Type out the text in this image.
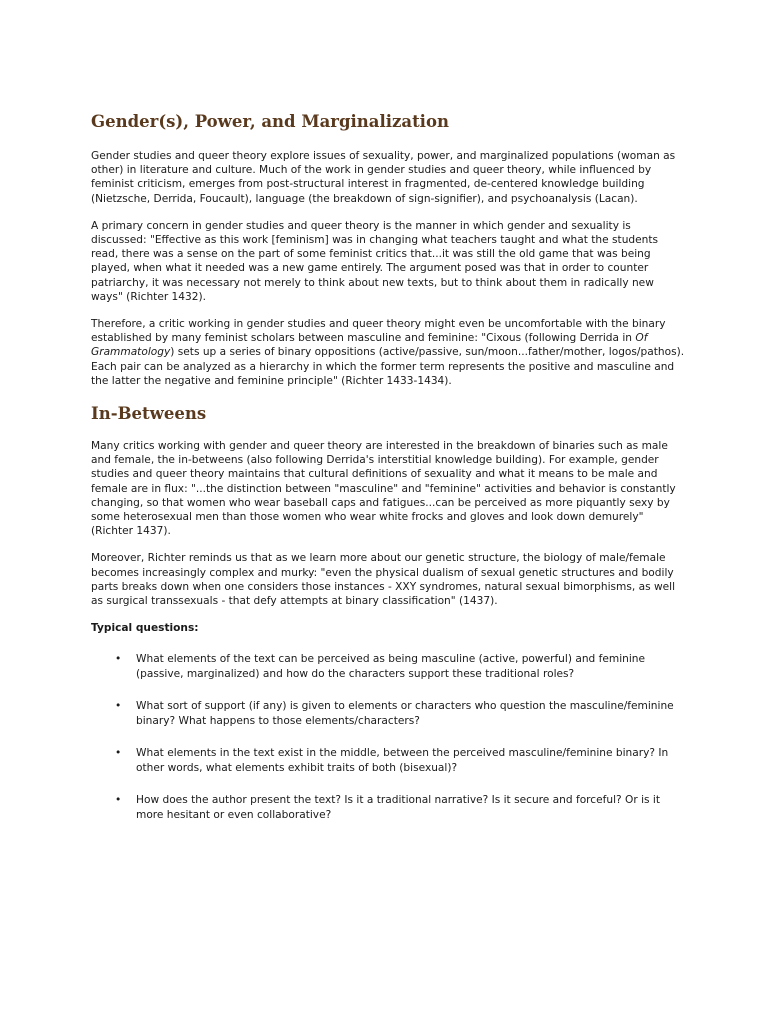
Gender(s), Power, and Marginalization

Gender studies and queer theory explore issues of sexuality, power, and marginalized populations (woman as other) in literature and culture. Much of the work in gender studies and queer theory, while influenced by feminist criticism, emerges from post-structural interest in fragmented, de-centered knowledge building (Nietzsche, Derrida, Foucault), language (the breakdown of sign-signifier), and psychoanalysis (Lacan).

A primary concern in gender studies and queer theory is the manner in which gender and sexuality is discussed: "Effective as this work [feminism] was in changing what teachers taught and what the students read, there was a sense on the part of some feminist critics that...it was still the old game that was being played, when what it needed was a new game entirely. The argument posed was that in order to counter patriarchy, it was necessary not merely to think about new texts, but to think about them in radically new ways" (Richter 1432).

Therefore, a critic working in gender studies and queer theory might even be uncomfortable with the binary established by many feminist scholars between masculine and feminine: "Cixous (following Derrida in Of Grammatology) sets up a series of binary oppositions (active/passive, sun/moon...father/mother, logos/pathos). Each pair can be analyzed as a hierarchy in which the former term represents the positive and masculine and the latter the negative and feminine principle" (Richter 1433-1434).

In-Betweens

Many critics working with gender and queer theory are interested in the breakdown of binaries such as male and female, the in-betweens (also following Derrida's interstitial knowledge building). For example, gender studies and queer theory maintains that cultural definitions of sexuality and what it means to be male and female are in flux: "...the distinction between "masculine" and "feminine" activities and behavior is constantly changing, so that women who wear baseball caps and fatigues...can be perceived as more piquantly sexy by some heterosexual men than those women who wear white frocks and gloves and look down demurely" (Richter 1437).

Moreover, Richter reminds us that as we learn more about our genetic structure, the biology of male/female becomes increasingly complex and murky: "even the physical dualism of sexual genetic structures and bodily parts breaks down when one considers those instances - XXY syndromes, natural sexual bimorphisms, as well as surgical transsexuals - that defy attempts at binary classification" (1437).

Typical questions:

• What elements of the text can be perceived as being masculine (active, powerful) and feminine (passive, marginalized) and how do the characters support these traditional roles?
• What sort of support (if any) is given to elements or characters who question the masculine/feminine binary? What happens to those elements/characters?
• What elements in the text exist in the middle, between the perceived masculine/feminine binary? In other words, what elements exhibit traits of both (bisexual)?
• How does the author present the text? Is it a traditional narrative? Is it secure and forceful? Or is it more hesitant or even collaborative?
